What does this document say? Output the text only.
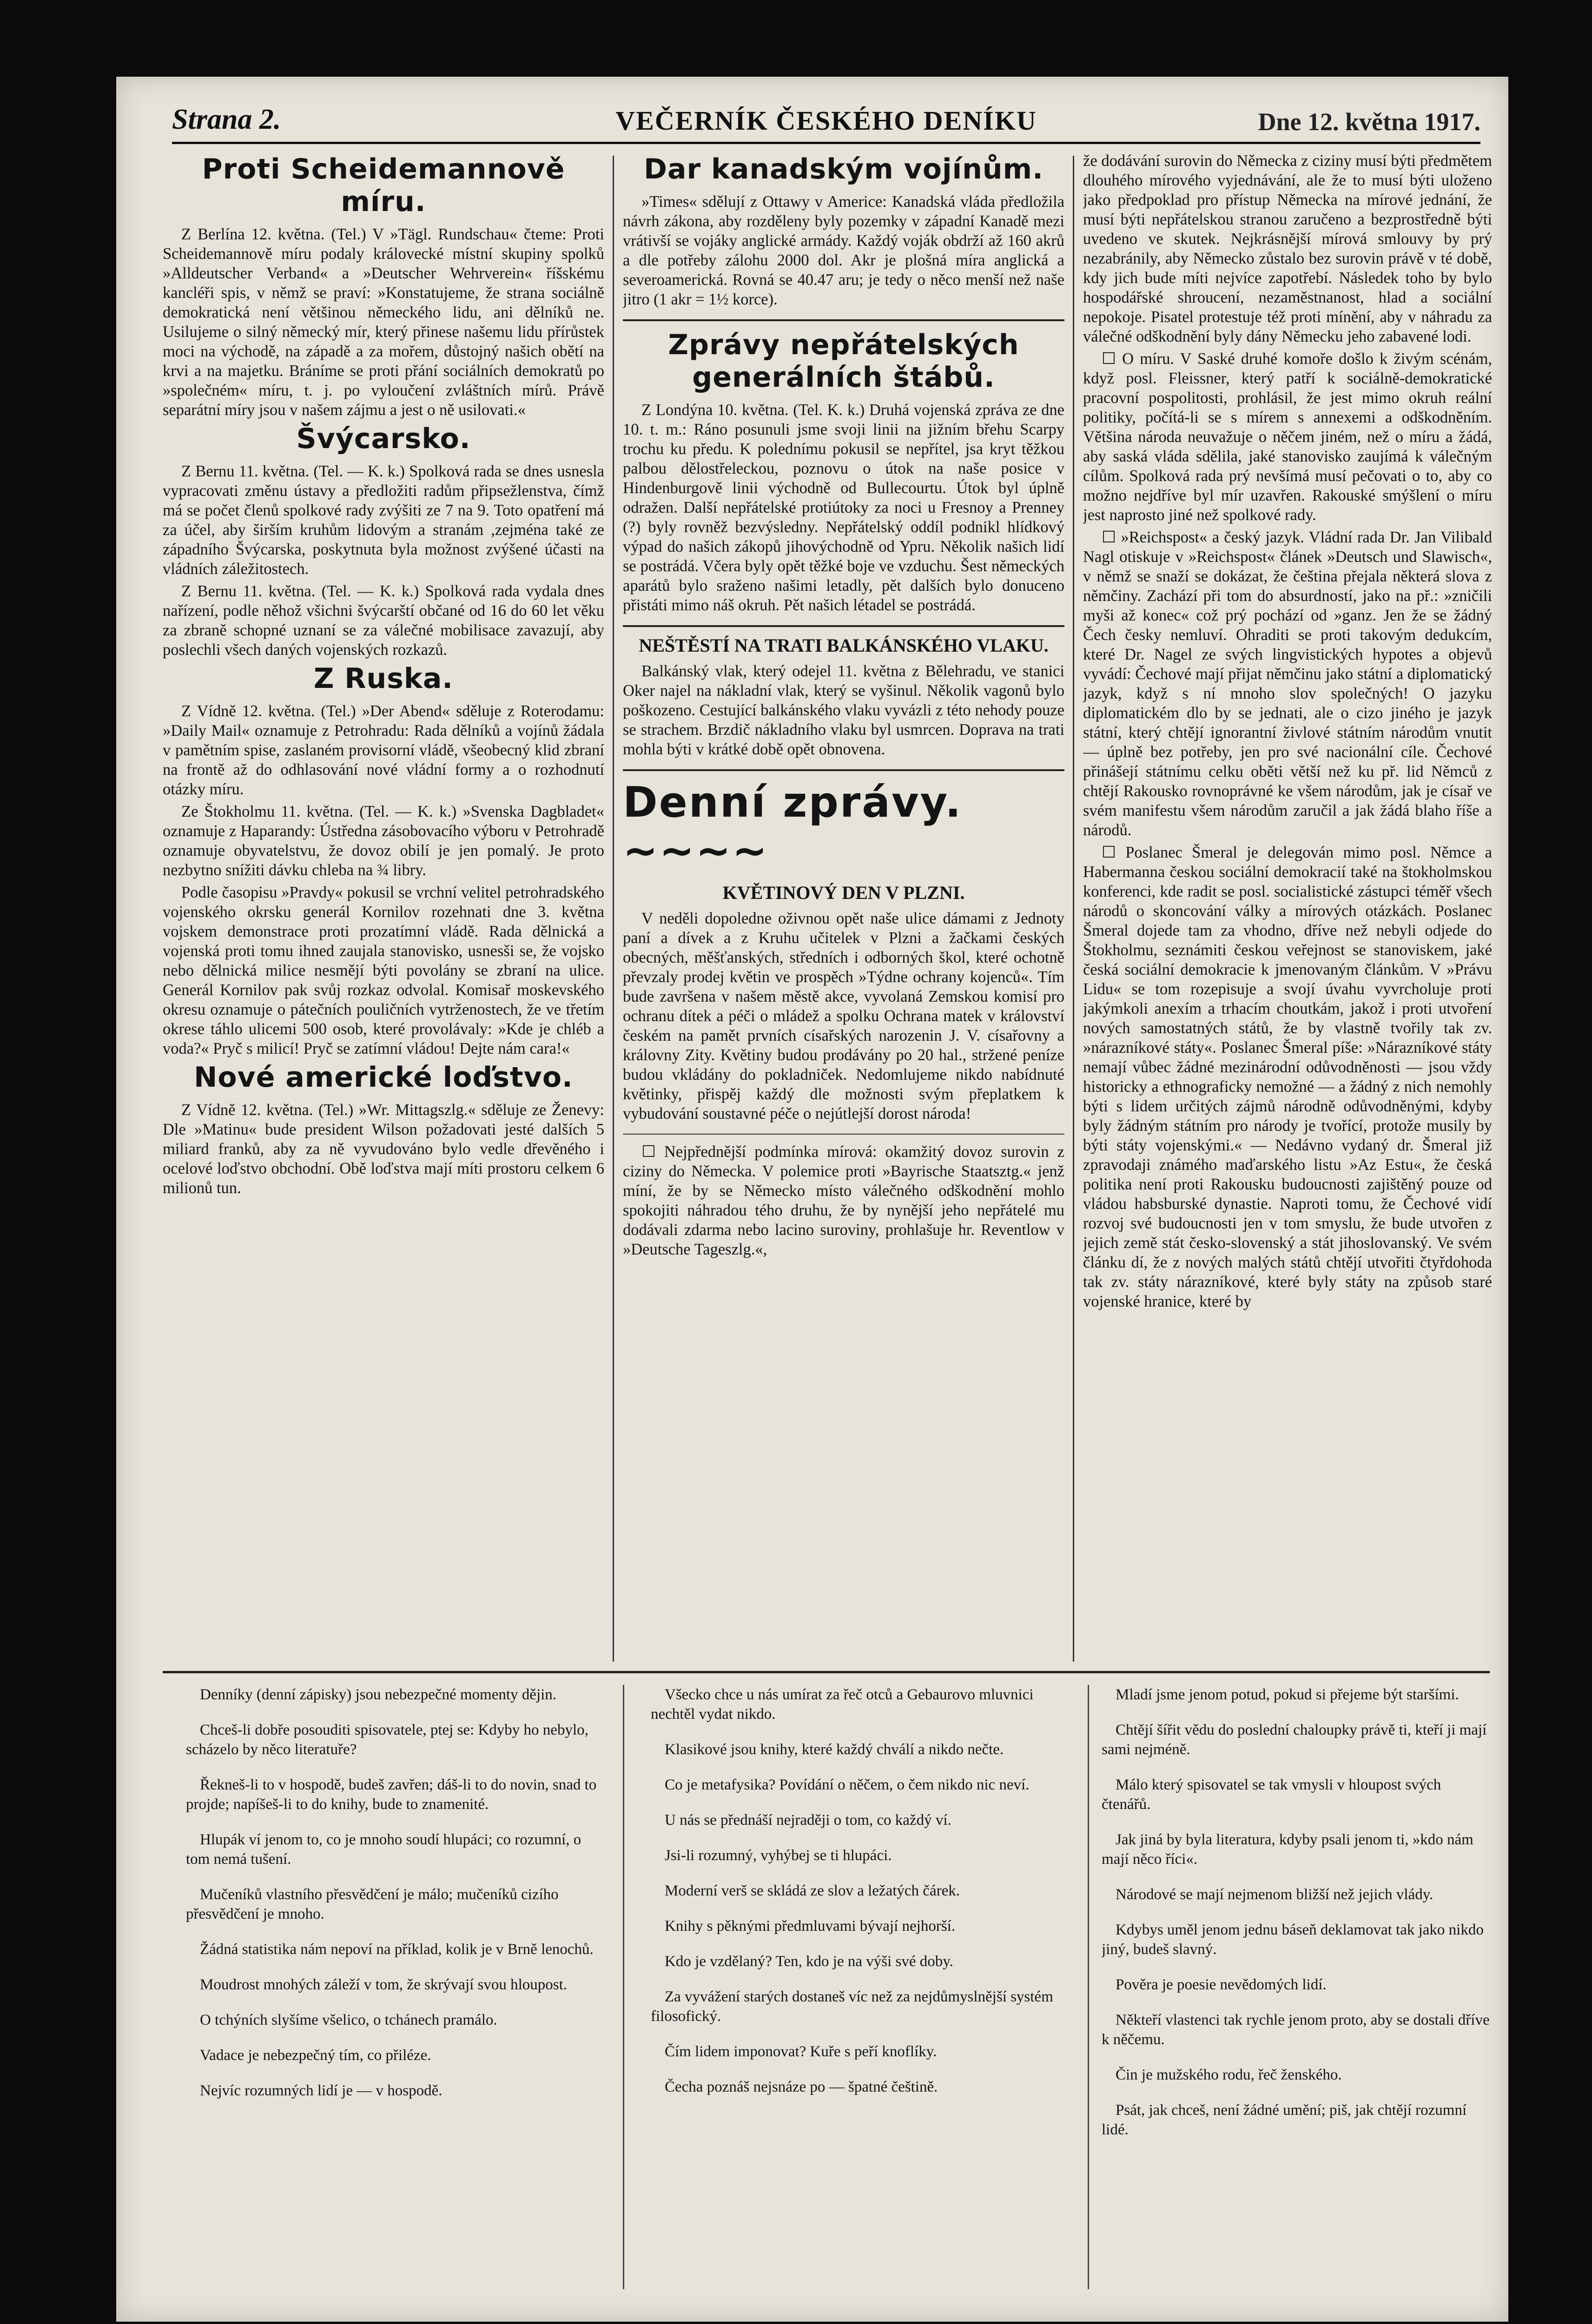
Strana 2.	VEČERNÍK ČESKÉHO DENÍKU	Dne 12. května 1917.
Proti Scheidemannově míru.

Z Berlína 12. května. (Tel.) V »Tägl. Rundschau« čteme: Proti Scheidemannově míru podaly královecké místní skupiny spolků »Alldeutscher Verband« a »Deutscher Wehrverein« říšskému kancléři spis, v němž se praví: »Konstatujeme, že strana sociálně demokratická není většinou německého lidu, ani dělníků ne. Usilujeme o silný německý mír, který přinese našemu lidu přírůstek moci na východě, na západě a za mořem, důstojný našich obětí na krvi a na majetku. Bráníme se proti přání sociálních demokratů po »společném« míru, t. j. po vyloučení zvláštních mírů. Právě separátní míry jsou v našem zájmu a jest o ně usilovati.«

Švýcarsko.

Z Bernu 11. května. (Tel. — K. k.) Spolková rada se dnes usnesla vypracovati změnu ústavy a předložiti radům připsežlenstva, čímž má se počet členů spolkové rady zvýšiti ze 7 na 9. Toto opatření má za účel, aby širším kruhům lidovým a stranám ,zejména také ze západního Švýcarska, poskytnuta byla možnost zvýšené účasti na vládních záležitostech.

Z Bernu 11. května. (Tel. — K. k.) Spolková rada vydala dnes nařízení, podle něhož všichni švýcarští občané od 16 do 60 let věku za zbraně schopné uznaní se za válečné mobilisace zavazují, aby poslechli všech daných vojenských rozkazů.

Z Ruska.

Z Vídně 12. května. (Tel.) »Der Abend« sděluje z Roterodamu: »Daily Mail« oznamuje z Petrohradu: Rada dělníků a vojínů žádala v pamětním spise, zaslaném provisorní vládě, všeobecný klid zbraní na frontě až do odhlasování nové vládní formy a o rozhodnutí otázky míru.

Ze Štokholmu 11. května. (Tel. — K. k.) »Svenska Dagbladet« oznamuje z Haparandy: Ústředna zásobovacího výboru v Petrohradě oznamuje obyvatelstvu, že dovoz obilí je jen pomalý. Je proto nezbytno snížiti dávku chleba na ¾ libry.

Podle časopisu »Pravdy« pokusil se vrchní velitel petrohradského vojenského okrsku generál Kornilov rozehnati dne 3. května vojskem demonstrace proti prozatímní vládě. Rada dělnická a vojenská proti tomu ihned zaujala stanovisko, usnesši se, že vojsko nebo dělnická milice nesmějí býti povolány se zbraní na ulice. Generál Kornilov pak svůj rozkaz odvolal. Komisař moskevského okresu oznamuje o pátečních pouličních vytrženostech, že ve třetím okrese táhlo ulicemi 500 osob, které provolávaly: »Kde je chléb a voda?« Pryč s milicí! Pryč se zatímní vládou! Dejte nám cara!«

Nové americké loďstvo.

Z Vídně 12. května. (Tel.) »Wr. Mittagszlg.« sděluje ze Ženevy: Dle »Matinu« bude president Wilson požadovati jesté dalších 5 miliard franků, aby za ně vyvudováno bylo vedle dřevěného i ocelové loďstvo obchodní. Obě loďstva mají míti prostoru celkem 6 milionů tun.

Dar kanadským vojínům.

»Times« sdělují z Ottawy v Americe: Kanadská vláda předložila návrh zákona, aby rozděleny byly pozemky v západní Kanadě mezi vrátivší se vojáky anglické armády. Každý voják obdrží až 160 akrů a dle potřeby zálohu 2000 dol. Akr je plošná míra anglická a severoamerická. Rovná se 40.47 aru; je tedy o něco menší než naše jitro (1 akr = 1½ korce).

Zprávy nepřátelských generálních štábů.

Z Londýna 10. května. (Tel. K. k.) Druhá vojenská zpráva ze dne 10. t. m.: Ráno posunuli jsme svoji linii na jižním břehu Scarpy trochu ku předu. K polednímu pokusil se nepřítel, jsa kryt těžkou palbou dělostřeleckou, poznovu o útok na naše posice v Hindenburgově linii východně od Bullecourtu. Útok byl úplně odražen. Další nepřátelské protiútoky za noci u Fresnoy a Prenney (?) byly rovněž bezvýsledny. Nepřátelský oddíl podnikl hlídkový výpad do našich zákopů jihovýchodně od Ypru. Několik našich lidí se postrádá. Včera byly opět těžké boje ve vzduchu. Šest německých aparátů bylo sraženo našimi letadly, pět dalších bylo donuceno přistáti mimo náš okruh. Pět našich létadel se postrádá.

NEŠTĚSTÍ NA TRATI BALKÁNSKÉHO VLAKU.

Balkánský vlak, který odejel 11. května z Bělehradu, ve stanici Oker najel na nákladní vlak, který se vyšinul. Několik vagonů bylo poškozeno. Cestující balkánského vlaku vyvázli z této nehody pouze se strachem. Brzdič nákladního vlaku byl usmrcen. Doprava na trati mohla býti v krátké době opět obnovena.

Denní zprávy. ~~~~
KVĚTINOVÝ DEN V PLZNI.

V neděli dopoledne oživnou opět naše ulice dámami z Jednoty paní a dívek a z Kruhu učitelek v Plzni a žačkami českých obecných, měšťanských, středních i odborných škol, které ochotně převzaly prodej květin ve prospěch »Týdne ochrany kojenců«. Tím bude završena v našem městě akce, vyvolaná Zemskou komisí pro ochranu dítek a péči o mládež a spolku Ochrana matek v království českém na pamět prvních císařských narozenin J. V. císařovny a královny Zity. Květiny budou prodávány po 20 hal., stržené peníze budou vkládány do pokladniček. Nedomlujeme nikdo nabídnuté květinky, přispěj každý dle možnosti svým přeplatkem k vybudování soustavné péče o nejútlejší dorost národa!

☐ Nejpřednější podmínka mírová: okamžitý dovoz surovin z ciziny do Německa. V polemice proti »Bayrische Staatsztg.« jenž míní, že by se Německo místo válečného odškodnění mohlo spokojiti náhradou tého druhu, že by nynější jeho nepřátelé mu dodávali zdarma nebo lacino suroviny, prohlašuje hr. Reventlow v »Deutsche Tageszlg.«,

že dodávání surovin do Německa z ciziny musí býti předmětem dlouhého mírového vyjednávání, ale že to musí býti uloženo jako předpoklad pro přístup Německa na mírové jednání, že musí býti nepřátelskou stranou zaručeno a bezprostředně býti uvedeno ve skutek. Nejkrásnější mírová smlouvy by prý nezabránily, aby Německo zůstalo bez surovin právě v té době, kdy jich bude míti nejvíce zapotřebí. Následek toho by bylo hospodářské shroucení, nezaměstnanost, hlad a sociální nepokoje. Pisatel protestuje též proti mínění, aby v náhradu za válečné odškodnění byly dány Německu jeho zabavené lodi.

☐ O míru. V Saské druhé komoře došlo k živým scénám, když posl. Fleissner, který patří k sociálně-demokratické pracovní pospolitosti, prohlásil, že jest mimo okruh reální politiky, počítá-li se s mírem s annexemi a odškodněním. Většina národa neuvažuje o něčem jiném, než o míru a žádá, aby saská vláda sdělila, jaké stanovisko zaujímá k válečným cílům. Spolková rada prý nevšímá musí pečovati o to, aby co možno nejdříve byl mír uzavřen. Rakouské smýšlení o míru jest naprosto jiné než spolkové rady.

☐ »Reichspost« a český jazyk. Vládní rada Dr. Jan Vilibald Nagl otiskuje v »Reichspost« článek »Deutsch und Slawisch«, v němž se snaží se dokázat, že čeština přejala některá slova z němčiny. Zachází při tom do absurdností, jako na př.: »zničili myši až konec« což prý pochází od »ganz. Jen že se žádný Čech česky nemluví. Ohraditi se proti takovým dedukcím, které Dr. Nagel ze svých lingvistických hypotes a objevů vyvádí: Čechové mají přijat němčinu jako státní a diplomatický jazyk, když s ní mnoho slov společných! O jazyku diplomatickém dlo by se jednati, ale o cizo jiného je jazyk státní, který chtějí ignorantní živlové státním národům vnutit — úplně bez potřeby, jen pro své nacionální cíle. Čechové přinášejí státnímu celku oběti větší než ku př. lid Němců z chtějí Rakousko rovnoprávné ke všem národům, jak je císař ve svém manifestu všem národům zaručil a jak žádá blaho říše a národů.

☐ Poslanec Šmeral je delegován mimo posl. Němce a Habermanna českou sociální demokracií také na štokholmskou konferenci, kde radit se posl. socialistické zástupci téměř všech národů o skoncování války a mírových otázkách. Poslanec Šmeral dojede tam za vhodno, dříve než nebyli odjede do Štokholmu, seznámiti českou veřejnost se stanoviskem, jaké česká sociální demokracie k jmenovaným článkům. V »Právu Lidu« se tom rozepisuje a svojí úvahu vyvrcholuje proti jakýmkoli anexím a trhacím choutkám, jakož i proti utvoření nových samostatných států, že by vlastně tvořily tak zv. »nárazníkové státy«. Poslanec Šmeral píše: »Nárazníkové státy nemají vůbec žádné mezinárodní odůvodněnosti — jsou vždy historicky a ethnograficky nemožné — a žádný z nich nemohly býti s lidem určitých zájmů národně odůvodněnými, kdyby byly žádným státním pro národy je tvořící, protože musily by býti státy vojenskými.« — Nedávno vydaný dr. Šmeral již zpravodaji známého maďarského listu »Az Estu«, že česká politika není proti Rakousku budoucnosti zajištěný pouze od vládou habsburské dynastie. Naproti tomu, že Čechové vidí rozvoj své budoucnosti jen v tom smyslu, že bude utvořen z jejich země stát česko-slovenský a stát jihoslovanský. Ve svém článku dí, že z nových malých států chtějí utvořiti čtyřdohoda tak zv. státy nárazníkové, které byly státy na způsob staré vojenské hranice, které by

Denníky (denní zápisky) jsou nebezpečné momenty dějin.
Chceš-li dobře posouditi spisovatele, ptej se: Kdyby ho nebylo, scházelo by něco literatuře?
Řekneš-li to v hospodě, budeš zavřen; dáš-li to do novin, snad to projde; napíšeš-li to do knihy, bude to znamenité.
Hlupák ví jenom to, co je mnoho soudí hlupáci; co rozumní, o tom nemá tušení.
Mučeníků vlastního přesvědčení je málo; mučeníků cizího přesvědčení je mnoho.
Žádná statistika nám nepoví na příklad, kolik je v Brně lenochů.
Moudrost mnohých záleží v tom, že skrývají svou hloupost.
O tchýních slyšíme všelico, o tchánech pramálo.
Vadace je nebezpečný tím, co přiléze.
Nejvíc rozumných lidí je — v hospodě.
Všecko chce u nás umírat za řeč otců a Gebaurovo mluvnici nechtěl vydat nikdo.
Klasikové jsou knihy, které každý chválí a nikdo nečte.
Co je metafysika? Povídání o něčem, o čem nikdo nic neví.
U nás se přednáší nejraději o tom, co každý ví.
Jsi-li rozumný, vyhýbej se ti hlupáci.
Moderní verš se skládá ze slov a ležatých čárek.
Knihy s pěknými předmluvami bývají nejhorší.
Kdo je vzdělaný? Ten, kdo je na výši své doby.
Za vyvážení starých dostaneš víc než za nejdůmyslnější systém filosofický.
Čím lidem imponovat? Kuře s peří knoflíky.
Čecha poznáš nejsnáze po — špatné češtině.
Mladí jsme jenom potud, pokud si přejeme být staršími.
Chtějí šířit vědu do poslední chaloupky právě ti, kteří ji mají sami nejméně.
Málo který spisovatel se tak vmysli v hloupost svých čtenářů.
Jak jiná by byla literatura, kdyby psali jenom ti, »kdo nám mají něco říci«.
Národové se mají nejmenom bližší než jejich vlády.
Kdybys uměl jenom jednu báseň deklamovat tak jako nikdo jiný, budeš slavný.
Pověra je poesie nevědomých lidí.
Někteří vlastenci tak rychle jenom proto, aby se dostali dříve k něčemu.
Čin je mužského rodu, řeč ženského.
Psát, jak chceš, není žádné umění; piš, jak chtějí rozumní lidé.
